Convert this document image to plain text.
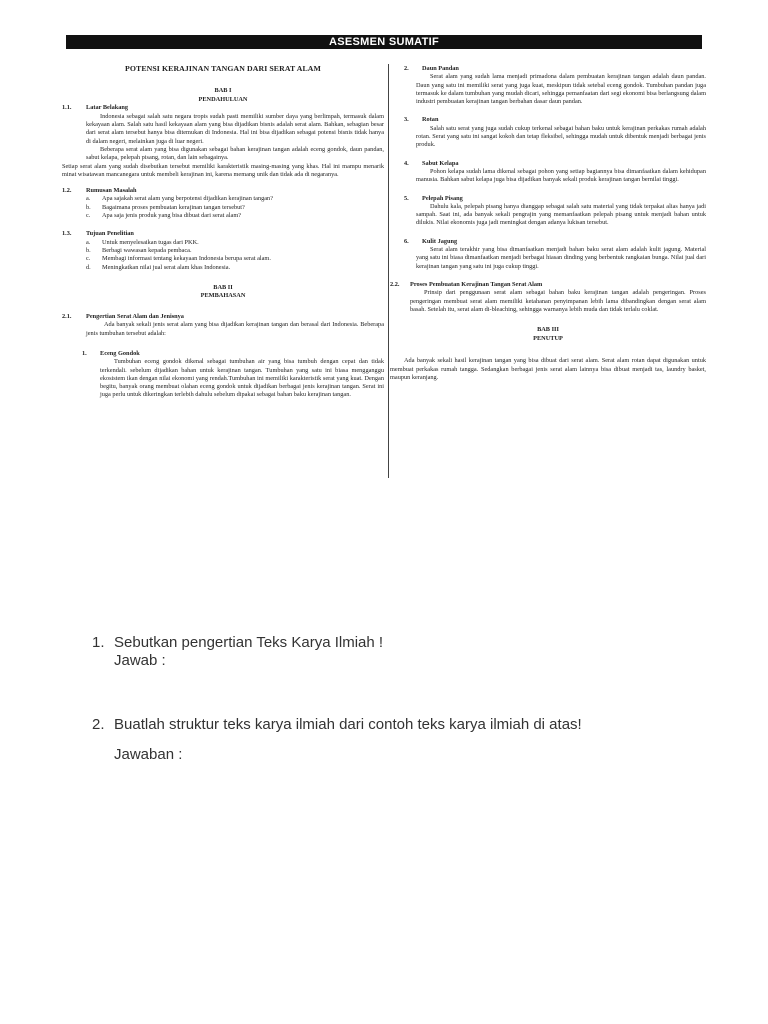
ASESMEN SUMATIF
POTENSI KERAJINAN TANGAN DARI SERAT ALAM
BAB I
PENDAHULUAN
1.1.	Latar Belakang

Indonesia sebagai salah satu negara tropis sudah pasti memiliki sumber daya yang berlimpah, termasuk dalam kekayaan alam. Salah satu hasil kekayaan alam yang bisa dijadikan bisnis adalah serat alam. Bahkan, sebagian besar dari serat alam tersebut hanya bisa ditemukan di Indonesia. Hal ini bisa dijadikan sebagai potensi bisnis tidak hanya di dalam negeri, melainkan juga di luar negeri.

Beberapa serat alam yang bisa digunakan sebagai bahan kerajinan tangan adalah eceng gondok, daun pandan, sabut kelapa, pelepah pisang, rotan, dan lain sebagainya.

Setiap serat alam yang sudah disebutkan tersebut memiliki karakteristik masing-masing yang khas. Hal ini mampu menarik minat wisatawan mancanegara untuk membeli kerajinan ini, karena memang unik dan tidak ada di negaranya.

1.2.	Rumusan Masalah
a.	Apa sajakah serat alam yang berpotensi dijadikan kerajinan tangan?
b.	Bagaimana proses pembuatan kerajinan tangan tersebut?
c.	Apa saja jenis produk yang bisa dibuat dari serat alam?
1.3.	Tujuan Penelitian
a.	Untuk menyelesaikan tugas dari PKK.
b.	Berbagi wawasan kepada pembaca.
c.	Membagi informasi tentang kekayaan Indonesia berupa serat alam.
d.	Meningkatkan nilai jual serat alam khas Indonesia.
BAB II
PEMBAHASAN
2.1.	Pengertian Serat Alam dan Jenisnya

Ada banyak sekali jenis serat alam yang bisa dijadikan kerajinan tangan dan berasal dari Indonesia. Beberapa jenis tumbuhan tersebut adalah:

1.	Eceng Gondok

Tumbuhan eceng gondok dikenal sebagai tumbuhan air yang bisa tumbuh dengan cepat dan tidak terkendali. sebelum dijadikan bahan untuk kerajinan tangan. Tumbuhan yang satu ini biasa mengganggu ekosistem ikan dengan nilai ekonomi yang rendah.Tumbuhan ini memiliki karakteristik serat yang kuat. Dengan begitu, banyak orang membuat olahan eceng gondok untuk dijadikan berbagai jenis kerajinan tangan. Serat ini juga perlu untuk dikeringkan terlebih dahulu sebelum dipakai sebagai bahan baku kerajinan tangan.

2.	Daun Pandan

Serat alam yang sudah lama menjadi primadona dalam pembuatan kerajinan tangan adalah daun pandan. Daun yang satu ini memiliki serat yang juga kuat, meskipun tidak setebal eceng gondok. Tumbuhan pandan juga termasuk ke dalam tumbuhan yang mudah dicari, sehingga pemanfaatan dari segi ekonomi bisa berlangsung dalam industri pembuatan kerajinan tangan berbahan dasar daun pandan.

3.	Rotan

Salah satu serat yang juga sudah cukup terkenal sebagai bahan baku untuk kerajinan perkakas rumah adalah rotan. Serat yang satu ini sangat kokoh dan tetap fleksibel, sehingga mudah untuk dibentuk menjadi berbagai jenis produk.

4.	Sabut Kelapa

Pohon kelapa sudah lama dikenal sebagai pohon yang setiap bagiannya bisa dimanfaatkan dalam kehidupan manusia. Bahkan sabut kelapa juga bisa dijadikan banyak sekali produk kerajinan tangan bernilai tinggi.

5.	Pelepah Pisang

Dahulu kala, pelepah pisang hanya dianggap sebagai salah satu material yang tidak terpakai alias hanya jadi sampah. Saat ini, ada banyak sekali pengrajin yang memanfaatkan pelepah pisang untuk menjadi bahan untuk dilukis. Nilai ekonomis juga jadi meningkat dengan adanya lukisan tersebut.

6.	Kulit Jagung

Serat alam terakhir yang bisa dimanfaatkan menjadi bahan baku serat alam adalah kulit jagung. Material yang satu ini biasa dimanfaatkan menjadi berbagai hiasan dinding yang berbentuk rangkaian bunga. Nilai jual dari kerajinan tangan yang satu ini juga cukup tinggi.

2.2.	Proses Pembuatan Kerajinan Tangan Serat Alam

Prinsip dari penggunaan serat alam sebagai bahan baku kerajinan tangan adalah pengeringan. Proses pengeringan membuat serat alam memiliki ketahanan penyimpanan lebih lama dibandingkan dengan serat alam basah. Setelah itu, serat alam di-bleaching, sehingga warnanya lebih muda dan tidak terlalu coklat.

BAB III
PENUTUP

Ada banyak sekali hasil kerajinan tangan yang bisa dibuat dari serat alam. Serat alam rotan dapat digunakan untuk membuat perkakas rumah tangga. Sedangkan berbagai jenis serat alam lainnya bisa dibuat menjadi tas, laundry basket, maupun keranjang.

1. Sebutkan pengertian Teks Karya Ilmiah !
Jawab :
2. Buatlah struktur teks karya ilmiah dari contoh teks karya ilmiah di atas!
Jawaban :
